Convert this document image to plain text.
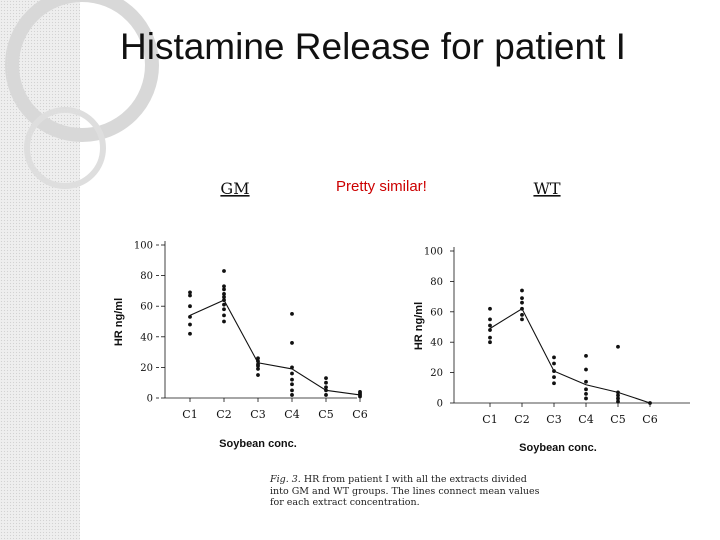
Histamine Release for patient I
GM
HR ng/ml
Soybean conc.
0
20
40
60
80
100
C1 C2 C3 C4 C5 C6
WT
HR ng/ml
Soybean conc.
0
20
40
60
80
100
C1 C2 C3 C4 C5 C6
Pretty similar!
Fig. 3. HR from patient I with all the extracts divided into GM and WT groups. The lines connect mean values for each extract concentration.
